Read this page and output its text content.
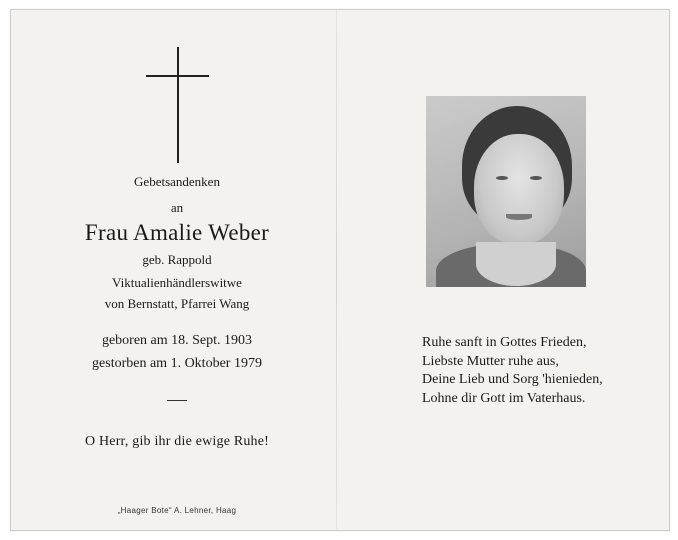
Gebetsandenken
an
Frau Amalie Weber
geb. Rappold
Viktualienhändlerswitwe
von Bernstatt, Pfarrei Wang
geboren am 18. Sept. 1903
gestorben am 1. Oktober 1979
O Herr, gib ihr die ewige Ruhe!
„Haager Bote“ A. Lehner, Haag
Ruhe sanft in Gottes Frieden,
Liebste Mutter ruhe aus,
Deine Lieb und Sorg 'hienieden,
Lohne dir Gott im Vaterhaus.
